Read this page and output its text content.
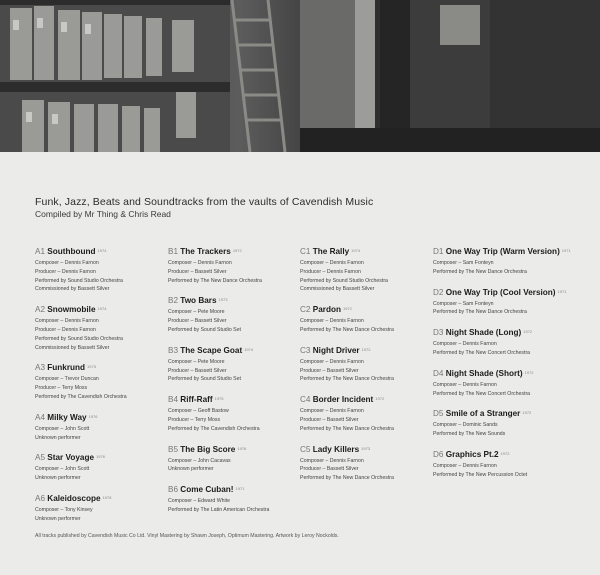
Funk, Jazz, Beats and Soundtracks from the vaults of Cavendish Music
Compiled by Mr Thing & Chris Read
A1 Southbound $^{1974}$
Composer – Dennis Farnon
Producer – Dennis Farnon
Performed by Sound Studio Orchestra
Commissioned by Bassett Silver
A2 Snowmobile $^{1974}$
Composer – Dennis Farnon
Producer – Dennis Farnon
Performed by Sound Studio Orchestra
Commissioned by Bassett Silver
A3 Funkrund $^{1975}$
Composer – Trevor Duncan
Producer – Terry Moss
Performed by The Cavendish Orchestra
A4 Milky Way $^{1976}$
Composer – John Scott
Unknown performer
A5 Star Voyage $^{1976}$
Composer – John Scott
Unknown performer
A6 Kaleidoscope $^{1978}$
Composer – Tony Kinsey
Unknown performer
B1 The Trackers $^{1972}$
Composer – Dennis Farnon
Producer – Bassett Silver
Performed by The New Dance Orchestra
B2 Two Bars $^{1973}$
Composer – Pete Moore
Producer – Bassett Silver
Performed by Sound Studio Set
B3 The Scape Goat $^{1974}$
Composer – Pete Moore
Producer – Bassett Silver
Performed by Sound Studio Set
B4 Riff-Raff $^{1975}$
Composer – Geoff Bastow
Producer – Terry Moss
Performed by The Cavendish Orchestra
B5 The Big Score $^{1976}$
Composer – John Cacavas
Unknown performer
B6 Come Cuban! $^{1971}$
Composer – Edward White
Performed by The Latin American Orchestra
C1 The Rally $^{1974}$
Composer – Dennis Farnon
Producer – Dennis Farnon
Performed by Sound Studio Orchestra
Commissioned by Bassett Silver
C2 Pardon $^{1972}$
Composer – Dennis Farnon
Performed by The New Dance Orchestra
C3 Night Driver $^{1972}$
Composer – Dennis Farnon
Producer – Bassett Silver
Performed by The New Dance Orchestra
C4 Border Incident $^{1972}$
Composer – Dennis Farnon
Producer – Bassett Silver
Performed by The New Dance Orchestra
C5 Lady Killers $^{1973}$
Composer – Dennis Farnon
Producer – Bassett Silver
Performed by The New Dance Orchestra
D1 One Way Trip (Warm Version) $^{1971}$
Composer – Sam Fonteyn
Performed by The New Dance Orchestra
D2 One Way Trip (Cool Version) $^{1971}$
Composer – Sam Fonteyn
Performed by The New Dance Orchestra
D3 Night Shade (Long) $^{1972}$
Composer – Dennis Farnon
Performed by The New Concert Orchestra
D4 Night Shade (Short) $^{1972}$
Composer – Dennis Farnon
Performed by The New Concert Orchestra
D5 Smile of a Stranger $^{1972}$
Composer – Dominic Sands
Performed by The New Sounds
D6 Graphics Pt.2 $^{1972}$
Composer – Dennis Farnon
Performed by The New Percussion Octet
All tracks published by Cavendish Music Co Ltd. Vinyl Mastering by Shawn Joseph, Optimum Mastering. Artwork by Leroy Nockolds.
